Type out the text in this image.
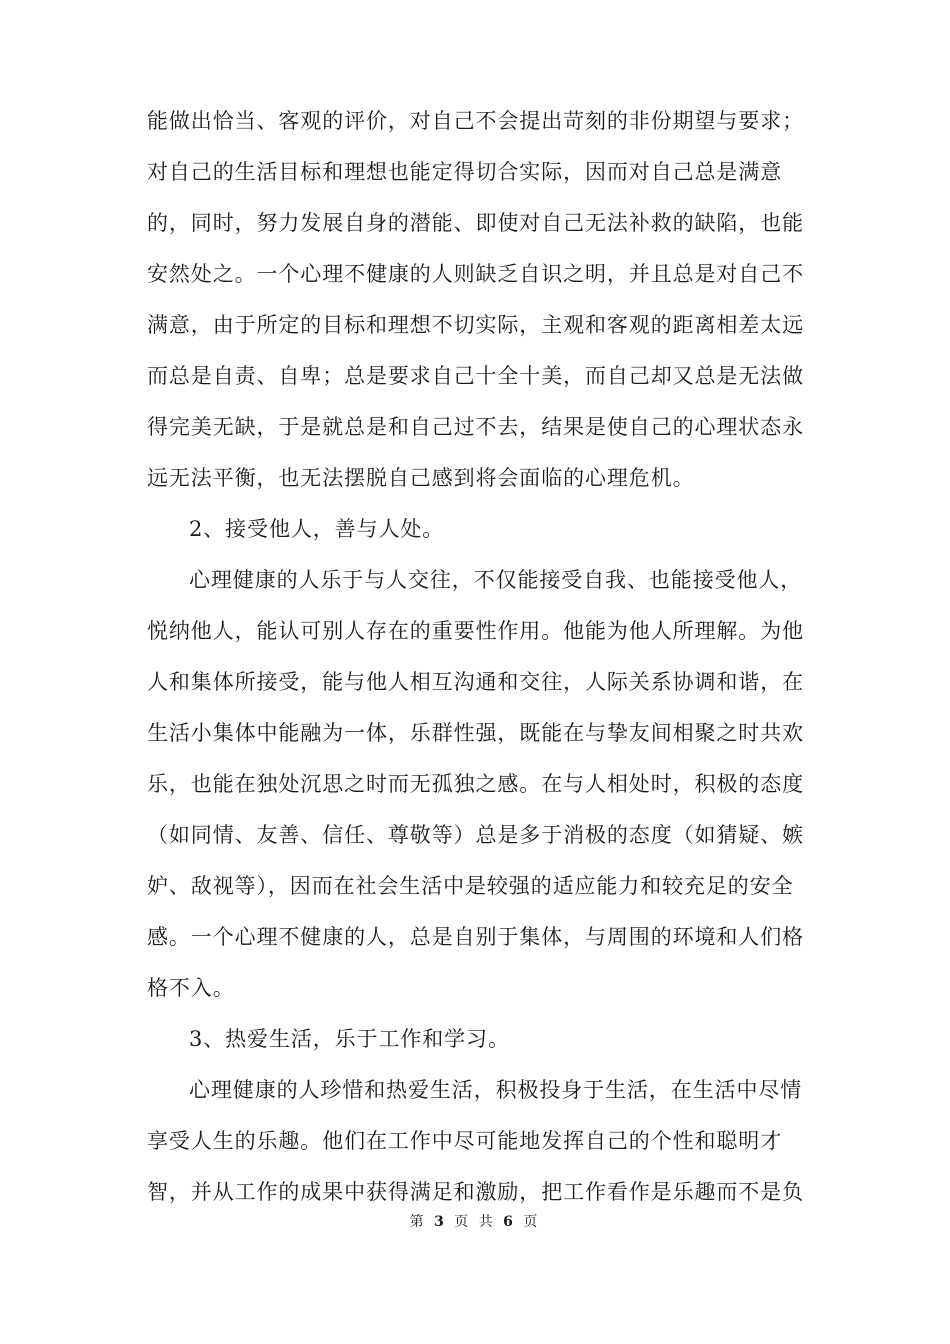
能做出恰当、客观的评价，对自己不会提出苛刻的非份期望与要求；
对自己的生活目标和理想也能定得切合实际，因而对自己总是满意
的，同时，努力发展自身的潜能、即使对自己无法补救的缺陷，也能
安然处之。一个心理不健康的人则缺乏自识之明，并且总是对自己不
满意，由于所定的目标和理想不切实际，主观和客观的距离相差太远
而总是自责、自卑；总是要求自己十全十美，而自己却又总是无法做
得完美无缺，于是就总是和自己过不去，结果是使自己的心理状态永
远无法平衡，也无法摆脱自己感到将会面临的心理危机。
2、接受他人，善与人处。
心理健康的人乐于与人交往，不仅能接受自我、也能接受他人，
悦纳他人，能认可别人存在的重要性作用。他能为他人所理解。为他
人和集体所接受，能与他人相互沟通和交往，人际关系协调和谐，在
生活小集体中能融为一体，乐群性强，既能在与挚友间相聚之时共欢
乐，也能在独处沉思之时而无孤独之感。在与人相处时，积极的态度
（如同情、友善、信任、尊敬等）总是多于消极的态度（如猜疑、嫉
妒、敌视等），因而在社会生活中是较强的适应能力和较充足的安全
感。一个心理不健康的人，总是自别于集体，与周围的环境和人们格
格不入。
3、热爱生活，乐于工作和学习。
心理健康的人珍惜和热爱生活，积极投身于生活，在生活中尽情
享受人生的乐趣。他们在工作中尽可能地发挥自己的个性和聪明才
智，并从工作的成果中获得满足和激励，把工作看作是乐趣而不是负
第 3 页 共 6 页
